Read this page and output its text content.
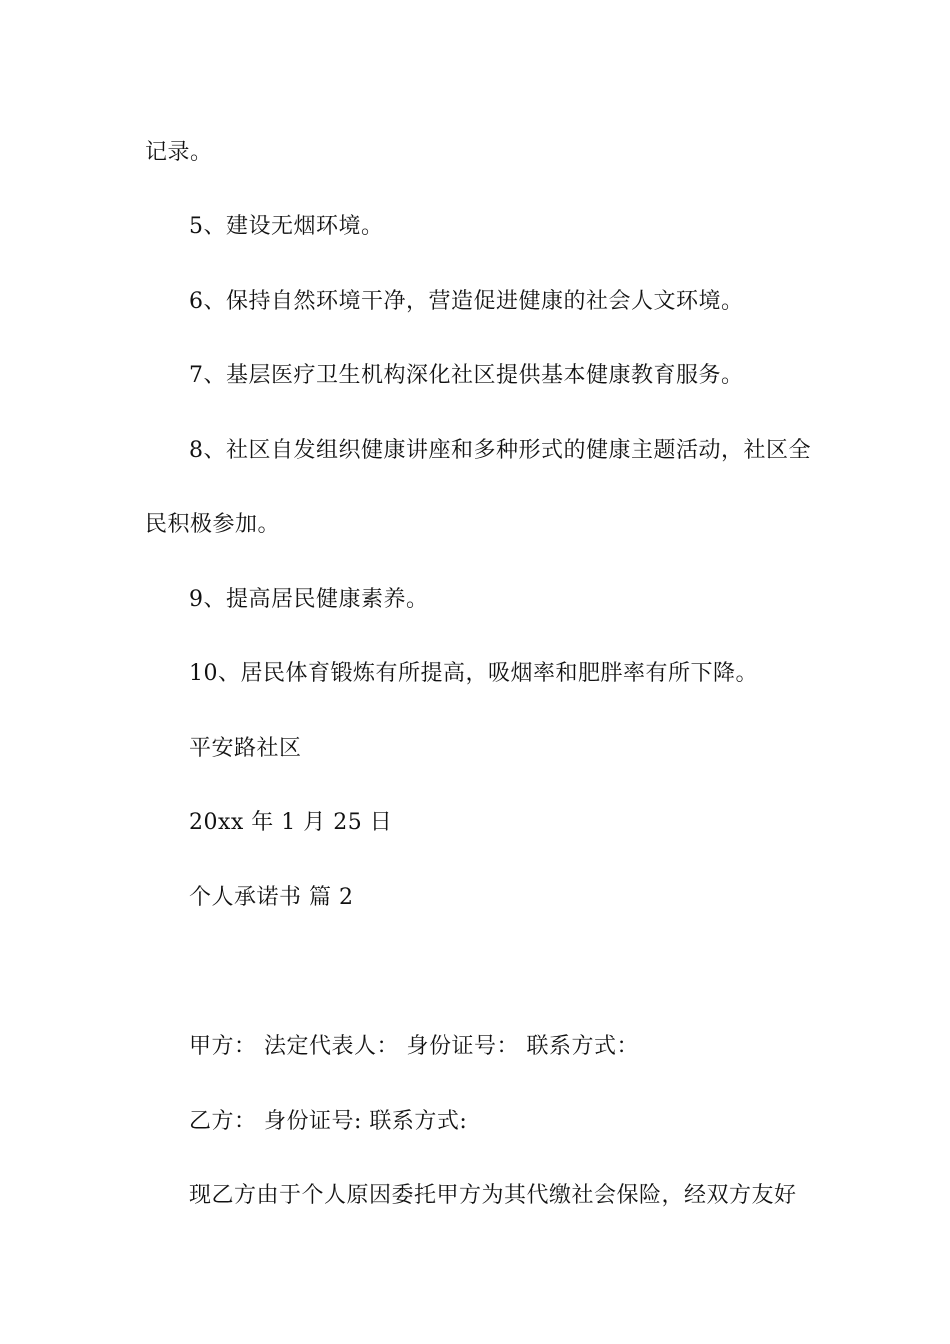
记录。
5、建设无烟环境。
6、保持自然环境干净，营造促进健康的社会人文环境。
7、基层医疗卫生机构深化社区提供基本健康教育服务。
8、社区自发组织健康讲座和多种形式的健康主题活动，社区全
民积极参加。
9、提高居民健康素养。
10、居民体育锻炼有所提高，吸烟率和肥胖率有所下降。
平安路社区
20xx 年 1 月 25 日
个人承诺书 篇 2
甲方： 法定代表人： 身份证号： 联系方式：
乙方： 身份证号: 联系方式:
现乙方由于个人原因委托甲方为其代缴社会保险，经双方友好
